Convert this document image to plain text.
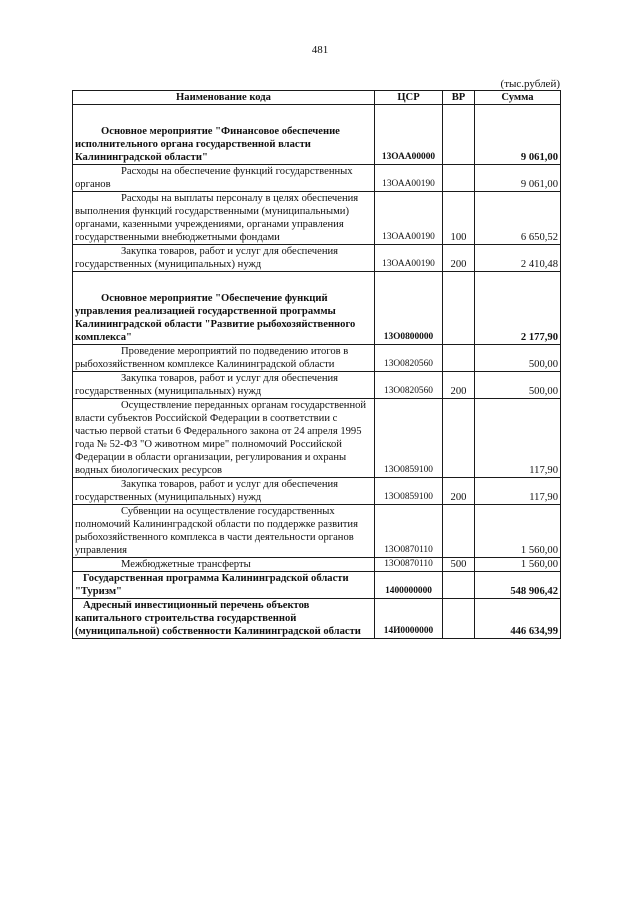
481
(тыс.рублей)
Наименование кода	ЦСР	ВР	Сумма
Основное мероприятие "Финансовое обеспечение исполнительного органа государственной власти Калининградской области"	13ОАА00000		9 061,00
Расходы на обеспечение функций государственных органов	13ОАА00190		9 061,00
Расходы на выплаты персоналу в целях обеспечения выполнения функций государственными (муниципальными) органами, казенными учреждениями, органами управления государственными внебюджетными фондами	13ОАА00190	100	6 650,52
Закупка товаров, работ и услуг для обеспечения государственных (муниципальных) нужд	13ОАА00190	200	2 410,48
Основное мероприятие "Обеспечение функций управления реализацией государственной программы Калининградской области "Развитие рыбохозяйственного комплекса"	13О0800000		2 177,90
Проведение мероприятий по подведению итогов в рыбохозяйственном комплексе Калининградской области	13О0820560		500,00
Закупка товаров, работ и услуг для обеспечения государственных (муниципальных) нужд	13О0820560	200	500,00
Осуществление переданных органам государственной власти субъектов Российской Федерации в соответствии с частью первой статьи 6 Федерального закона от 24 апреля 1995 года № 52-ФЗ "О животном мире" полномочий Российской Федерации в области организации, регулирования и охраны водных биологических ресурсов	13О0859100		117,90
Закупка товаров, работ и услуг для обеспечения государственных (муниципальных) нужд	13О0859100	200	117,90
Субвенции на осуществление государственных полномочий Калининградской области по поддержке развития рыбохозяйственного комплекса в части деятельности органов управления	13О0870110		1 560,00
Межбюджетные трансферты	13О0870110	500	1 560,00
Государственная программа Калининградской области "Туризм"	1400000000		548 906,42
Адресный инвестиционный перечень объектов капитального строительства государственной (муниципальной) собственности Калининградской области	14И0000000		446 634,99
